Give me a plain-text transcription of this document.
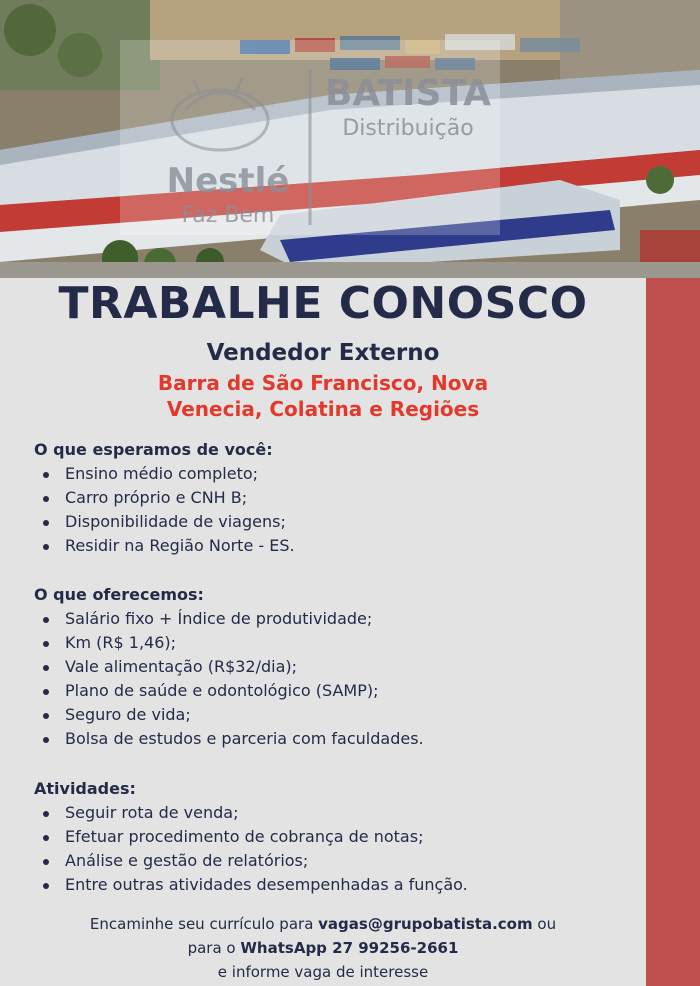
Nestlé
Faz Bem
BATISTA
Distribuição
TRABALHE CONOSCO
Vendedor Externo
Barra de São Francisco, Nova Venecia, Colatina e Regiões
O que esperamos de você:
Ensino médio completo;
Carro próprio e CNH B;
Disponibilidade de viagens;
Residir na Região Norte - ES.
O que oferecemos:
Salário fixo + Índice de produtividade;
Km (R$ 1,46);
Vale alimentação (R$32/dia);
Plano de saúde e odontológico (SAMP);
Seguro de vida;
Bolsa de estudos e parceria com faculdades.
Atividades:
Seguir rota de venda;
Efetuar procedimento de cobrança de notas;
Análise e gestão de relatórios;
Entre outras atividades desempenhadas a função.
Encaminhe seu currículo para vagas@grupobatista.com ou
para o WhatsApp 27 99256-2661
e informe vaga de interesse
